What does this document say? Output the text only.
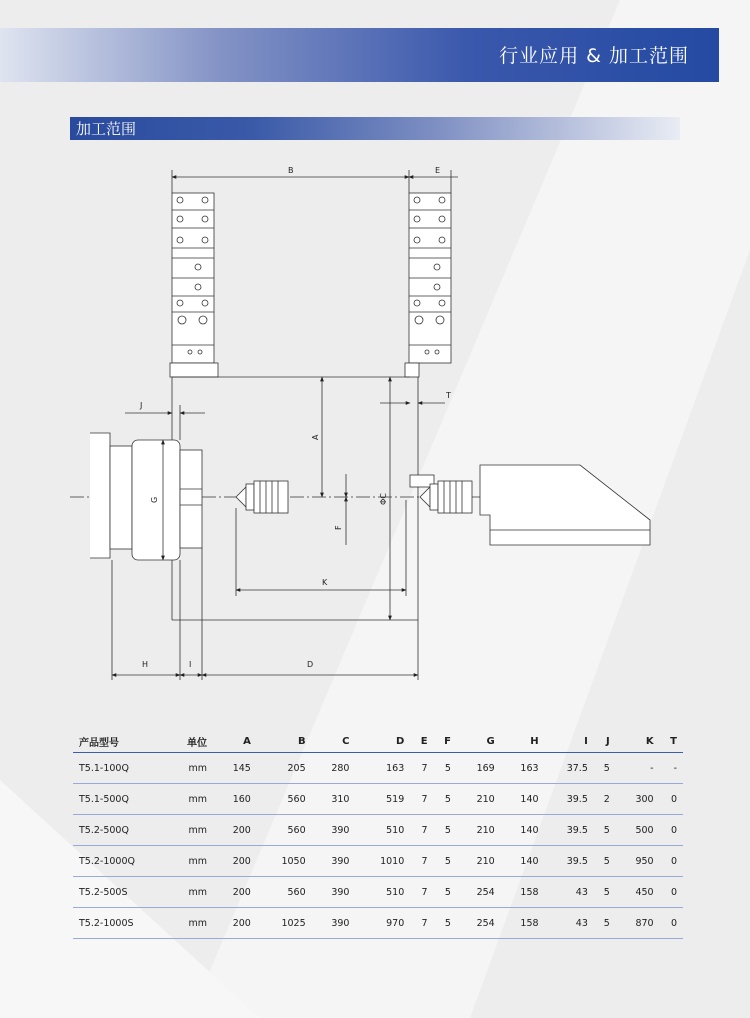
行业应用 & 加工范围
加工范围
B	E
A
F
ΦC
K
G
J
T
H	I	D
产品型号	单位	A	B	C	D	E	F	G	H	I	J	K	T
T5.1-100Q	mm	145	205	280	163	7	5	169	163	37.5	5	-	-
T5.1-500Q	mm	160	560	310	519	7	5	210	140	39.5	2	300	0
T5.2-500Q	mm	200	560	390	510	7	5	210	140	39.5	5	500	0
T5.2-1000Q	mm	200	1050	390	1010	7	5	210	140	39.5	5	950	0
T5.2-500S	mm	200	560	390	510	7	5	254	158	43	5	450	0
T5.2-1000S	mm	200	1025	390	970	7	5	254	158	43	5	870	0
